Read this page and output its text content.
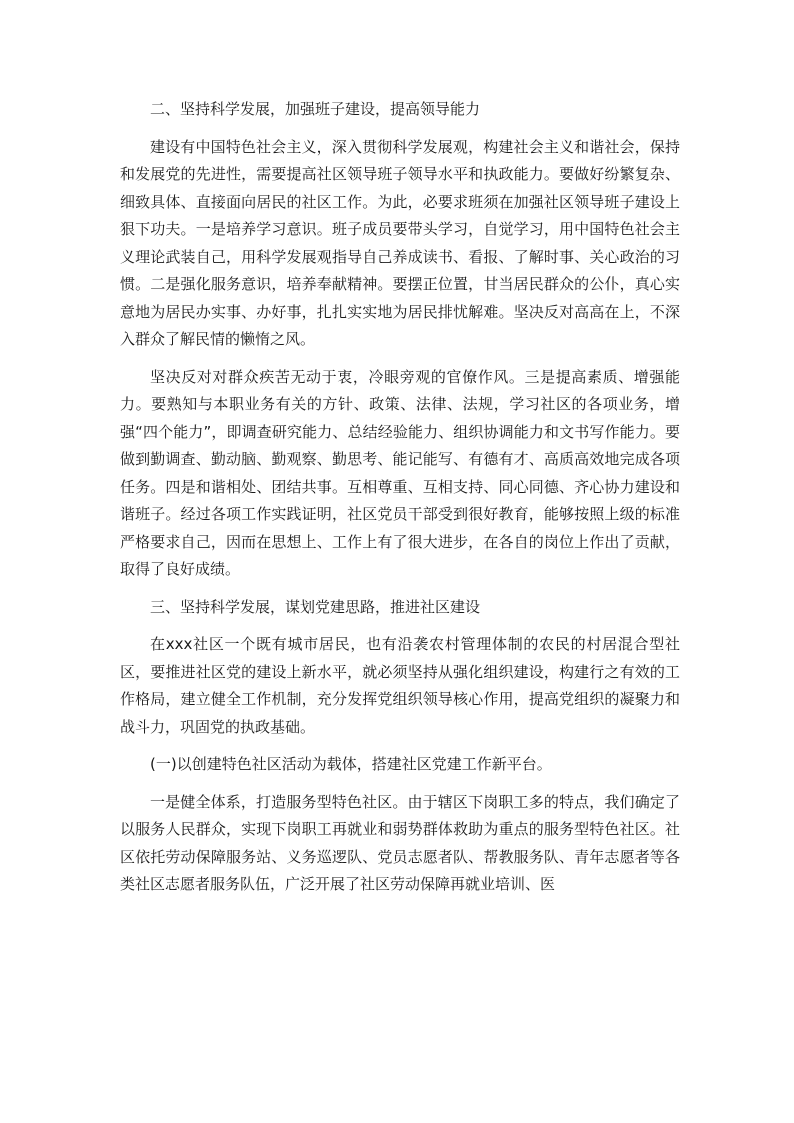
二、坚持科学发展，加强班子建设，提高领导能力

建设有中国特色社会主义，深入贯彻科学发展观，构建社会主义和谐社会，保持和发展党的先进性，需要提高社区领导班子领导水平和执政能力。要做好纷繁复杂、细致具体、直接面向居民的社区工作。为此，必要求班须在加强社区领导班子建设上狠下功夫。一是培养学习意识。班子成员要带头学习，自觉学习，用中国特色社会主义理论武装自己，用科学发展观指导自己养成读书、看报、了解时事、关心政治的习惯。二是强化服务意识，培养奉献精神。要摆正位置，甘当居民群众的公仆，真心实意地为居民办实事、办好事，扎扎实实地为居民排忧解难。坚决反对高高在上，不深入群众了解民情的懒惰之风。

坚决反对对群众疾苦无动于衷，冷眼旁观的官僚作风。三是提高素质、增强能力。要熟知与本职业务有关的方针、政策、法律、法规，学习社区的各项业务，增强“四个能力”，即调查研究能力、总结经验能力、组织协调能力和文书写作能力。要做到勤调查、勤动脑、勤观察、勤思考、能记能写、有德有才、高质高效地完成各项任务。四是和谐相处、团结共事。互相尊重、互相支持、同心同德、齐心协力建设和谐班子。经过各项工作实践证明，社区党员干部受到很好教育，能够按照上级的标准严格要求自己，因而在思想上、工作上有了很大进步，在各自的岗位上作出了贡献，取得了良好成绩。

三、坚持科学发展，谋划党建思路，推进社区建设

在xxx社区一个既有城市居民，也有沿袭农村管理体制的农民的村居混合型社区，要推进社区党的建设上新水平，就必须坚持从强化组织建设，构建行之有效的工作格局，建立健全工作机制，充分发挥党组织领导核心作用，提高党组织的凝聚力和战斗力，巩固党的执政基础。

(一)以创建特色社区活动为载体，搭建社区党建工作新平台。

一是健全体系，打造服务型特色社区。由于辖区下岗职工多的特点，我们确定了以服务人民群众，实现下岗职工再就业和弱势群体救助为重点的服务型特色社区。社区依托劳动保障服务站、义务巡逻队、党员志愿者队、帮教服务队、青年志愿者等各类社区志愿者服务队伍，广泛开展了社区劳动保障再就业培训、医
